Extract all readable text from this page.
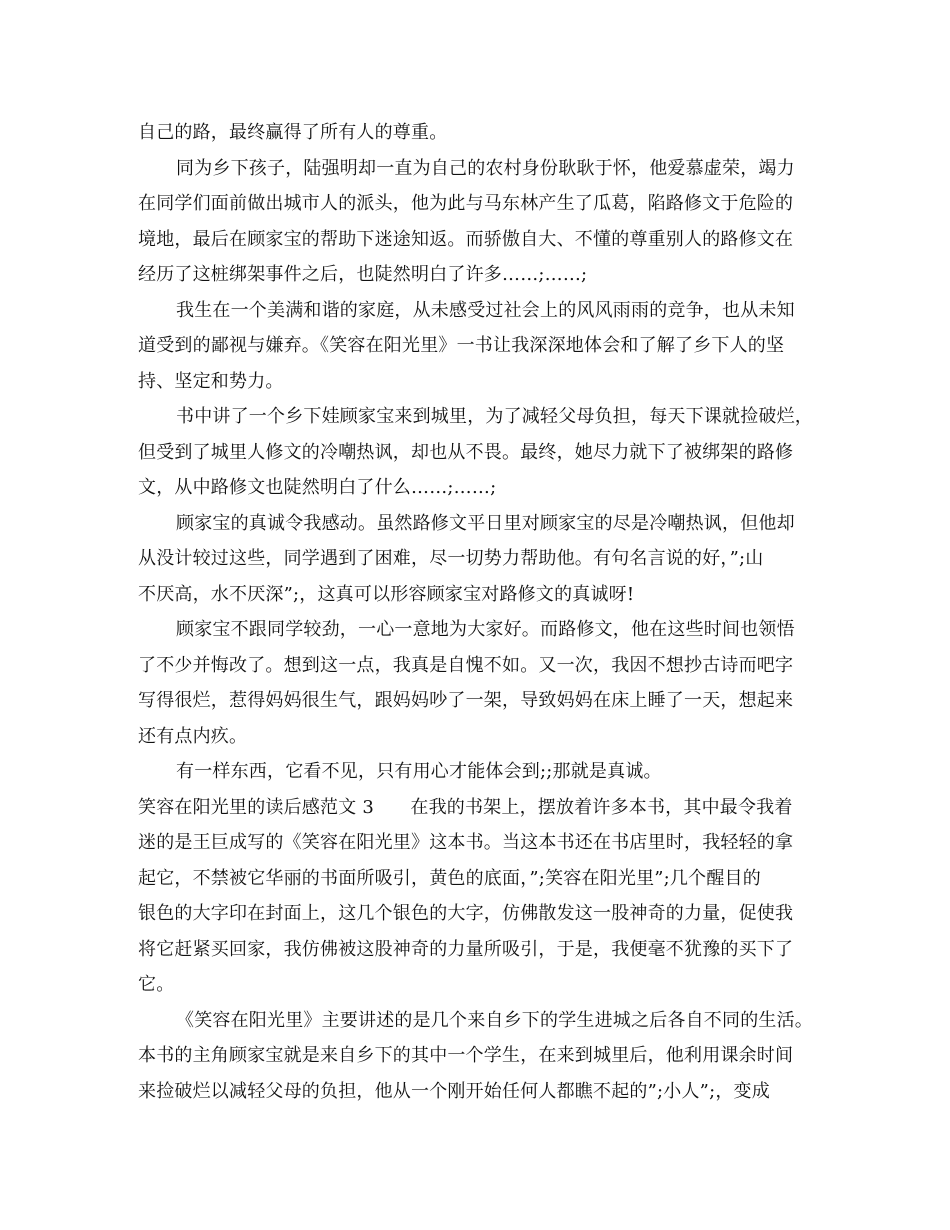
自己的路，最终赢得了所有人的尊重。
同为乡下孩子，陆强明却一直为自己的农村身份耿耿于怀，他爱慕虚荣，竭力
在同学们面前做出城市人的派头，他为此与马东林产生了瓜葛，陷路修文于危险的
境地，最后在顾家宝的帮助下迷途知返。而骄傲自大、不懂的尊重别人的路修文在
经历了这桩绑架事件之后，也陡然明白了许多……;……;
我生在一个美满和谐的家庭，从未感受过社会上的风风雨雨的竞争，也从未知
道受到的鄙视与嫌弃。《笑容在阳光里》一书让我深深地体会和了解了乡下人的坚
持、坚定和势力。
书中讲了一个乡下娃顾家宝来到城里，为了减轻父母负担，每天下课就捡破烂，
但受到了城里人修文的冷嘲热讽，却也从不畏。最终，她尽力就下了被绑架的路修
文，从中路修文也陡然明白了什么……;……;
顾家宝的真诚令我感动。虽然路修文平日里对顾家宝的尽是冷嘲热讽，但他却
从没计较过这些，同学遇到了困难，尽一切势力帮助他。有句名言说的好，”;山
不厌高，水不厌深”;，这真可以形容顾家宝对路修文的真诚呀!
顾家宝不跟同学较劲，一心一意地为大家好。而路修文，他在这些时间也领悟
了不少并悔改了。想到这一点，我真是自愧不如。又一次，我因不想抄古诗而吧字
写得很烂，惹得妈妈很生气，跟妈妈吵了一架，导致妈妈在床上睡了一天，想起来
还有点内疚。
有一样东西，它看不见，只有用心才能体会到;;那就是真诚。
笑容在阳光里的读后感范文 3　　在我的书架上，摆放着许多本书，其中最令我着
迷的是王巨成写的《笑容在阳光里》这本书。当这本书还在书店里时，我轻轻的拿
起它，不禁被它华丽的书面所吸引，黄色的底面，”;笑容在阳光里”;几个醒目的
银色的大字印在封面上，这几个银色的大字，仿佛散发这一股神奇的力量，促使我
将它赶紧买回家，我仿佛被这股神奇的力量所吸引，于是，我便毫不犹豫的买下了
它。
《笑容在阳光里》主要讲述的是几个来自乡下的学生进城之后各自不同的生活。
本书的主角顾家宝就是来自乡下的其中一个学生，在来到城里后，他利用课余时间
来捡破烂以减轻父母的负担，他从一个刚开始任何人都瞧不起的”;小人”;，变成
